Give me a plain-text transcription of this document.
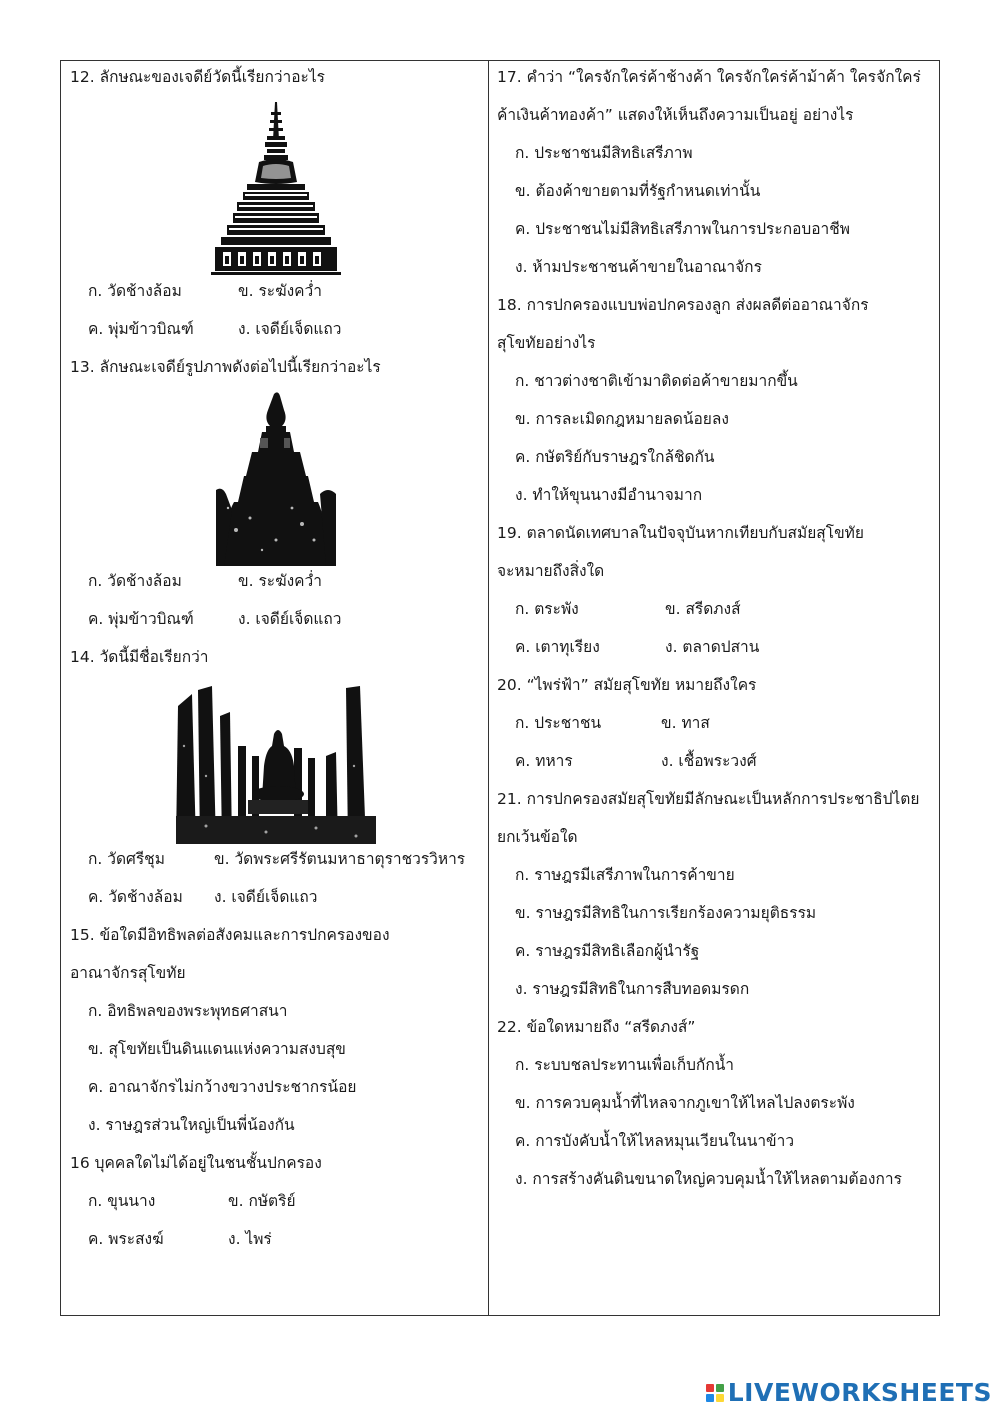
12. ลักษณะของเจดีย์วัดนี้เรียกว่าอะไร
ก. วัดช้างล้อม	ข. ระฆังคว่ำ
ค. พุ่มข้าวบิณฑ์	ง. เจดีย์เจ็ดแถว
13. ลักษณะเจดีย์รูปภาพดังต่อไปนี้เรียกว่าอะไร
ก. วัดช้างล้อม	ข. ระฆังคว่ำ
ค. พุ่มข้าวบิณฑ์	ง. เจดีย์เจ็ดแถว
14. วัดนี้มีชื่อเรียกว่า
ก. วัดศรีชุม	ข. วัดพระศรีรัตนมหาธาตุราชวรวิหาร
ค. วัดช้างล้อม	ง. เจดีย์เจ็ดแถว
15. ข้อใดมีอิทธิพลต่อสังคมและการปกครองของ
อาณาจักรสุโขทัย
ก. อิทธิพลของพระพุทธศาสนา
ข. สุโขทัยเป็นดินแดนแห่งความสงบสุข
ค. อาณาจักรไม่กว้างขวางประชากรน้อย
ง. ราษฎรส่วนใหญ่เป็นพี่น้องกัน
16 บุคคลใดไม่ได้อยู่ในชนชั้นปกครอง
ก. ขุนนาง	ข. กษัตริย์
ค. พระสงฆ์	ง. ไพร่
17. คำว่า “ใครจักใคร่ค้าช้างค้า ใครจักใคร่ค้าม้าค้า ใครจักใคร่
ค้าเงินค้าทองค้า” แสดงให้เห็นถึงความเป็นอยู่ อย่างไร
ก. ประชาชนมีสิทธิเสรีภาพ
ข. ต้องค้าขายตามที่รัฐกำหนดเท่านั้น
ค. ประชาชนไม่มีสิทธิเสรีภาพในการประกอบอาชีพ
ง. ห้ามประชาชนค้าขายในอาณาจักร
18. การปกครองแบบพ่อปกครองลูก ส่งผลดีต่ออาณาจักร
สุโขทัยอย่างไร
ก. ชาวต่างชาติเข้ามาติดต่อค้าขายมากขึ้น
ข. การละเมิดกฎหมายลดน้อยลง
ค. กษัตริย์กับราษฎรใกล้ชิดกัน
ง. ทำให้ขุนนางมีอำนาจมาก
19. ตลาดนัดเทศบาลในปัจจุบันหากเทียบกับสมัยสุโขทัย
จะหมายถึงสิ่งใด
ก. ตระพัง	ข. สรีดภงส์
ค. เตาทุเรียง	ง. ตลาดปสาน
20. “ไพร่ฟ้า” สมัยสุโขทัย หมายถึงใคร
ก. ประชาชน	ข. ทาส
ค. ทหาร	ง. เชื้อพระวงศ์
21. การปกครองสมัยสุโขทัยมีลักษณะเป็นหลักการประชาธิปไตย
ยกเว้นข้อใด
ก. ราษฎรมีเสรีภาพในการค้าขาย
ข. ราษฎรมีสิทธิในการเรียกร้องความยุติธรรม
ค. ราษฎรมีสิทธิเลือกผู้นำรัฐ
ง. ราษฎรมีสิทธิในการสืบทอดมรดก
22. ข้อใดหมายถึง “สรีดภงส์”
ก. ระบบชลประทานเพื่อเก็บกักน้ำ
ข. การควบคุมน้ำที่ไหลจากภูเขาให้ไหลไปลงตระพัง
ค. การบังคับน้ำให้ไหลหมุนเวียนในนาข้าว
ง. การสร้างคันดินขนาดใหญ่ควบคุมน้ำให้ไหลตามต้องการ
LIVEWORKSHEETS
